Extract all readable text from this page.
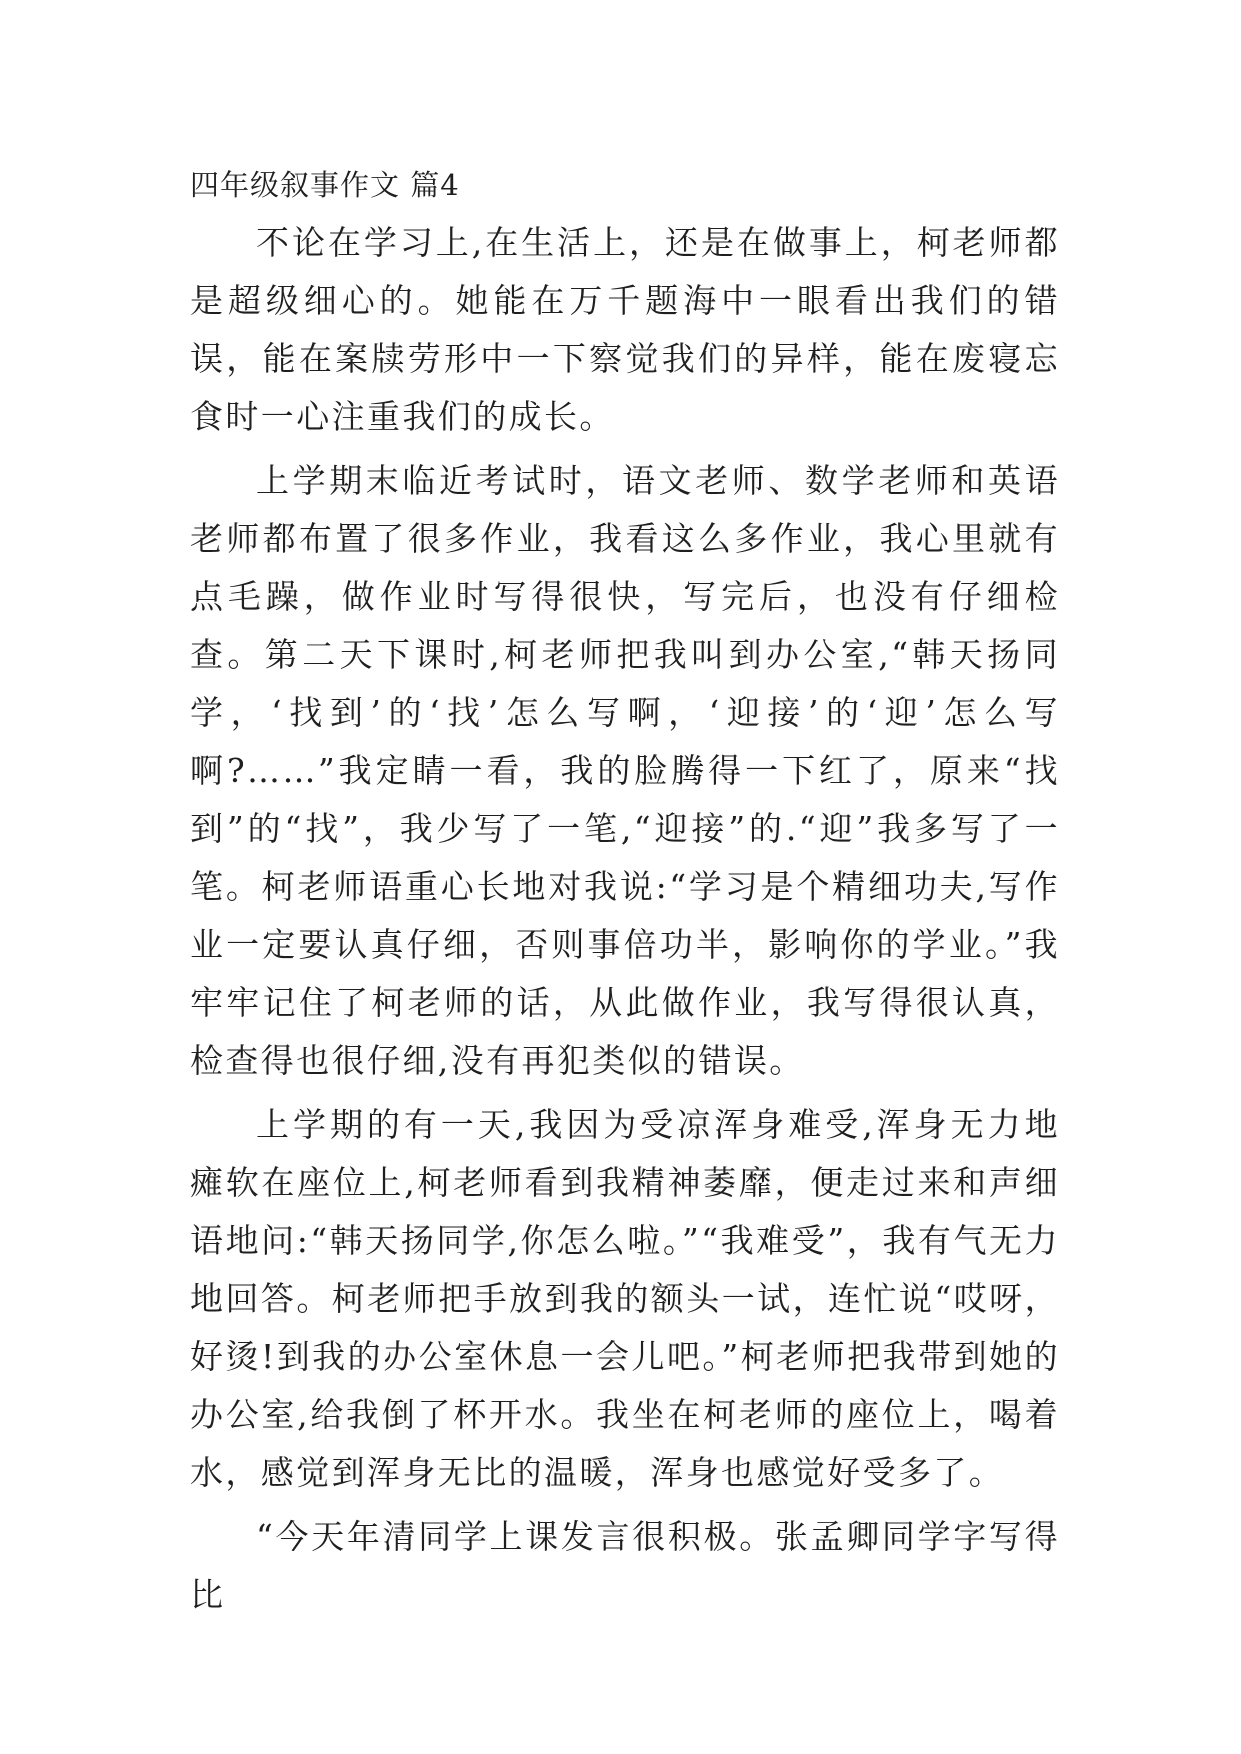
四年级叙事作文 篇4

不论在学习上,在生活上，还是在做事上，柯老师都是超级细心的。她能在万千题海中一眼看出我们的错误，能在案牍劳形中一下察觉我们的异样，能在废寝忘食时一心注重我们的成长。

上学期末临近考试时，语文老师、数学老师和英语老师都布置了很多作业，我看这么多作业，我心里就有点毛躁，做作业时写得很快，写完后，也没有仔细检查。第二天下课时,柯老师把我叫到办公室,“韩天扬同学，‘找到’的‘找’怎么写啊，‘迎接’的‘迎’怎么写啊?……”我定睛一看，我的脸腾得一下红了，原来“找到”的“找”，我少写了一笔,“迎接”的.“迎”我多写了一笔。柯老师语重心长地对我说:“学习是个精细功夫,写作业一定要认真仔细，否则事倍功半，影响你的学业。”我牢牢记住了柯老师的话，从此做作业，我写得很认真，检查得也很仔细,没有再犯类似的错误。

上学期的有一天,我因为受凉浑身难受,浑身无力地瘫软在座位上,柯老师看到我精神萎靡，便走过来和声细语地问:“韩天扬同学,你怎么啦。”“我难受”，我有气无力地回答。柯老师把手放到我的额头一试，连忙说“哎呀，好烫!到我的办公室休息一会儿吧。”柯老师把我带到她的办公室,给我倒了杯开水。我坐在柯老师的座位上，喝着水，感觉到浑身无比的温暖，浑身也感觉好受多了。

“今天年清同学上课发言很积极。张孟卿同学字写得比
